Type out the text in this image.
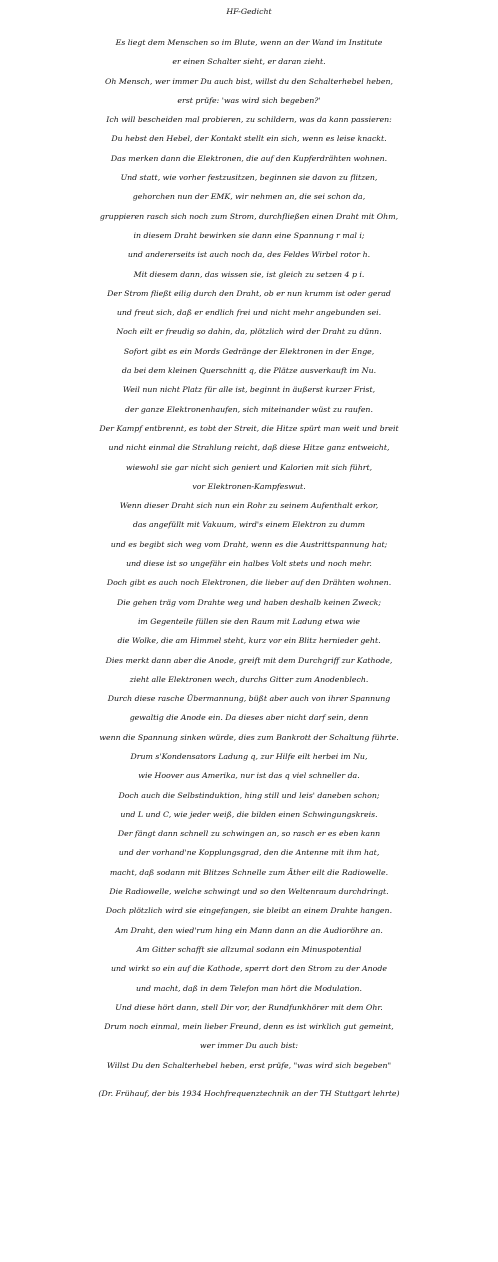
HF-Gedicht
Es liegt dem Menschen so im Blute, wenn an der Wand im Institute
er einen Schalter sieht, er daran zieht.
Oh Mensch, wer immer Du auch bist, willst du den Schalterhebel heben,
erst prüfe: 'was wird sich begeben?'
Ich will bescheiden mal probieren, zu schildern, was da kann passieren:
Du hebst den Hebel, der Kontakt stellt ein sich, wenn es leise knackt.
Das merken dann die Elektronen, die auf den Kupferdrähten wohnen.
Und statt, wie vorher festzusitzen, beginnen sie davon zu flitzen,
gehorchen nun der EMK, wir nehmen an, die sei schon da,
gruppieren rasch sich noch zum Strom, durchfließen einen Draht mit Ohm,
in diesem Draht bewirken sie dann eine Spannung r mal i;
und andererseits ist auch noch da, des Feldes Wirbel rotor h.
Mit diesem dann, das wissen sie, ist gleich zu setzen 4 p i.
Der Strom fließt eilig durch den Draht, ob er nun krumm ist oder gerad
und freut sich, daß er endlich frei und nicht mehr angebunden sei.
Noch eilt er freudig so dahin, da, plötzlich wird der Draht zu dünn.
Sofort gibt es ein Mords Gedränge der Elektronen in der Enge,
da bei dem kleinen Querschnitt q, die Plätze ausverkauft im Nu.
Weil nun nicht Platz für alle ist, beginnt in äußerst kurzer Frist,
der ganze Elektronenhaufen, sich miteinander wüst zu raufen.
Der Kampf entbrennt, es tobt der Streit, die Hitze spürt man weit und breit
und nicht einmal die Strahlung reicht, daß diese Hitze ganz entweicht,
wiewohl sie gar nicht sich geniert und Kalorien mit sich führt,
vor Elektronen-Kampfeswut.
Wenn dieser Draht sich nun ein Rohr zu seinem Aufenthalt erkor,
das angefüllt mit Vakuum, wird's einem Elektron zu dumm
und es begibt sich weg vom Draht, wenn es die Austrittspannung hat;
und diese ist so ungefähr ein halbes Volt stets und noch mehr.
Doch gibt es auch noch Elektronen, die lieber auf den Drähten wohnen.
Die gehen träg vom Drahte weg und haben deshalb keinen Zweck;
im Gegenteile füllen sie den Raum mit Ladung etwa wie
die Wolke, die am Himmel steht, kurz vor ein Blitz hernieder geht.
Dies merkt dann aber die Anode, greift mit dem Durchgriff zur Kathode,
zieht alle Elektronen wech, durchs Gitter zum Anodenblech.
Durch diese rasche Übermannung, büßt aber auch von ihrer Spannung
gewaltig die Anode ein. Da dieses aber nicht darf sein, denn
wenn die Spannung sinken würde, dies zum Bankrott der Schaltung führte.
Drum s'Kondensators Ladung q, zur Hilfe eilt herbei im Nu,
wie Hoover aus Amerika, nur ist das q viel schneller da.
Doch auch die Selbstinduktion, hing still und leis' daneben schon;
und L und C, wie jeder weiß, die bilden einen Schwingungskreis.
Der fängt dann schnell zu schwingen an, so rasch er es eben kann
und der vorhand'ne Kopplungsgrad, den die Antenne mit ihm hat,
macht, daß sodann mit Blitzes Schnelle zum Äther eilt die Radiowelle.
Die Radiowelle, welche schwingt und so den Weltenraum durchdringt.
Doch plötzlich wird sie eingefangen, sie bleibt an einem Drahte hangen.
Am Draht, den wied'rum hing ein Mann dann an die Audioröhre an.
Am Gitter schafft sie allzumal sodann ein Minuspotential
und wirkt so ein auf die Kathode, sperrt dort den Strom zu der Anode
und macht, daß in dem Telefon man hört die Modulation.
Und diese hört dann, stell Dir vor, der Rundfunkhörer mit dem Ohr.
Drum noch einmal, mein lieber Freund, denn es ist wirklich gut gemeint,
wer immer Du auch bist:
Willst Du den Schalterhebel heben, erst prüfe, "was wird sich begeben"
(Dr. Frühauf, der bis 1934 Hochfrequenztechnik an der TH Stuttgart lehrte)
